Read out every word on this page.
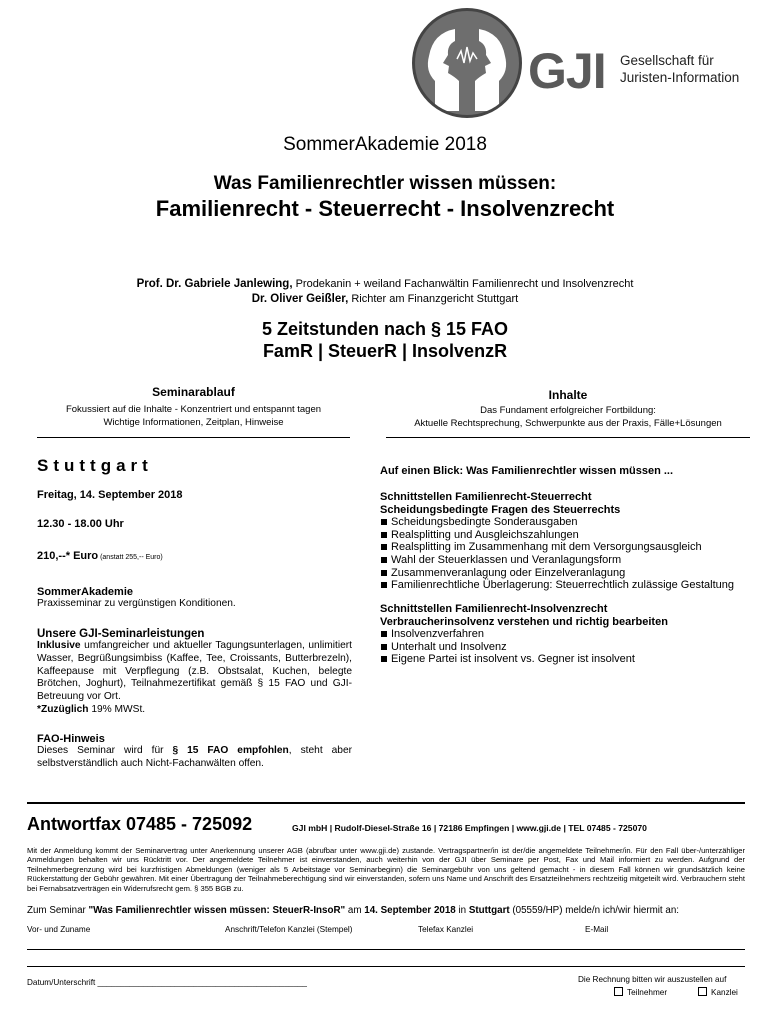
GJI Gesellschaft für
Juristen-Information
SommerAkademie 2018
Was Familienrechtler wissen müssen:
Familienrecht - Steuerrecht - Insolvenzrecht
Prof. Dr. Gabriele Janlewing, Prodekanin + weiland Fachanwältin Familienrecht und Insolvenzrecht
Dr. Oliver Geißler, Richter am Finanzgericht Stuttgart
5 Zeitstunden nach § 15 FAO
FamR | SteuerR | InsolvenzR
Seminarablauf
Fokussiert auf die Inhalte - Konzentriert und entspannt tagen
Wichtige Informationen, Zeitplan, Hinweise
Inhalte
Das Fundament erfolgreicher Fortbildung:
Aktuelle Rechtsprechung, Schwerpunkte aus der Praxis, Fälle+Lösungen
Stuttgart
Freitag, 14. September 2018
12.30 - 18.00 Uhr
210,--* Euro (anstatt 255,-- Euro)
SommerAkademie
Praxisseminar zu vergünstigen Konditionen.
Unsere GJI-Seminarleistungen
Inklusive umfangreicher und aktueller Tagungsunterlagen, unlimitiert Wasser, Begrüßungsimbiss (Kaffee, Tee, Croissants, Butterbrezeln), Kaffeepause mit Verpflegung (z.B. Obstsalat, Kuchen, belegte Brötchen, Joghurt), Teilnahmezertifikat gemäß § 15 FAO und GJI-Betreuung vor Ort.
*Zuzüglich 19% MWSt.
FAO-Hinweis
Dieses Seminar wird für § 15 FAO empfohlen, steht aber selbstverständlich auch Nicht-Fachanwälten offen.
Auf einen Blick: Was Familienrechtler wissen müssen ...
Schnittstellen Familienrecht-Steuerrecht
Scheidungsbedingte Fragen des Steuerrechts
Scheidungsbedingte Sonderausgaben
Realsplitting und Ausgleichszahlungen
Realsplitting im Zusammenhang mit dem Versorgungsausgleich
Wahl der Steuerklassen und Veranlagungsform
Zusammenveranlagung oder Einzelveranlagung
Familienrechtliche Überlagerung: Steuerrechtlich zulässige Gestaltung
Schnittstellen Familienrecht-Insolvenzrecht
Verbraucherinsolvenz verstehen und richtig bearbeiten
Insolvenzverfahren
Unterhalt und Insolvenz
Eigene Partei ist insolvent vs. Gegner ist insolvent
Antwortfax 07485 - 725092	GJI mbH | Rudolf-Diesel-Straße 16 | 72186 Empfingen | www.gji.de | TEL 07485 - 725070
Mit der Anmeldung kommt der Seminarvertrag unter Anerkennung unserer AGB (abrufbar unter www.gji.de) zustande. Vertragspartner/in ist der/die angemeldete Teilnehmer/in. Für den Fall über-/unterzähliger Anmeldungen behalten wir uns Rücktritt vor. Der angemeldete Teilnehmer ist einverstanden, auch weiterhin von der GJI über Seminare per Post, Fax und Mail informiert zu werden. Aufgrund der Teilnehmerbegrenzung wird bei kurzfristigen Abmeldungen (weniger als 5 Arbeitstage vor Seminarbeginn) die Seminargebühr von uns geltend gemacht - in diesem Fall können wir grundsätzlich keine Rückerstattung der Gebühr gewähren. Mit einer Übertragung der Teilnahmeberechtigung sind wir einverstanden, sofern uns Name und Anschrift des Ersatzteilnehmers rechtzeitig mitgeteilt wird. Verbrauchern steht bei Fernabsatzverträgen ein Widerrufsrecht gem. § 355 BGB zu.
Zum Seminar "Was Familienrechtler wissen müssen: SteuerR-InsoR" am 14. September 2018 in Stuttgart (05559/HP) melde/n ich/wir hiermit an:
Vor- und Zuname	Anschrift/Telefon Kanzlei (Stempel)	Telefax Kanzlei	E-Mail
Datum/Unterschrift ______________________________________________	Die Rechnung bitten wir auszustellen auf
Teilnehmer	Kanzlei
